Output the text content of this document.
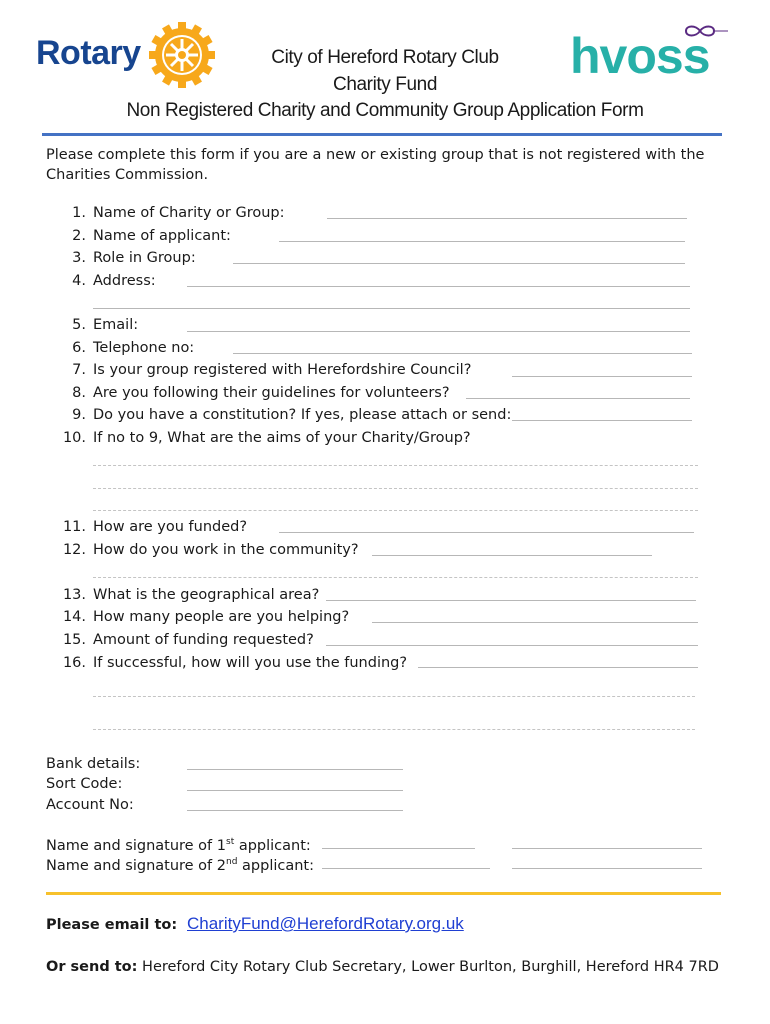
Rotary	City of Hereford Rotary Club
Charity Fund
Non Registered Charity and Community Group Application Form
hvoss
Please complete this form if you are a new or existing group that is not registered with the Charities Commission.
1. Name of Charity or Group:
2. Name of applicant:
3. Role in Group:
4. Address:
5. Email:
6. Telephone no:
7. Is your group registered with Herefordshire Council?
8. Are you following their guidelines for volunteers?
9. Do you have a constitution? If yes, please attach or send:
10. If no to 9, What are the aims of your Charity/Group?
11. How are you funded?
12. How do you work in the community?
13. What is the geographical area?
14. How many people are you helping?
15. Amount of funding requested?
16. If successful, how will you use the funding?
Bank details:
Sort Code:
Account No:
Name and signature of 1st applicant:
Name and signature of 2nd applicant:
Please email to: CharityFund@HerefordRotary.org.uk
Or send to: Hereford City Rotary Club Secretary, Lower Burlton, Burghill, Hereford HR4 7RD
